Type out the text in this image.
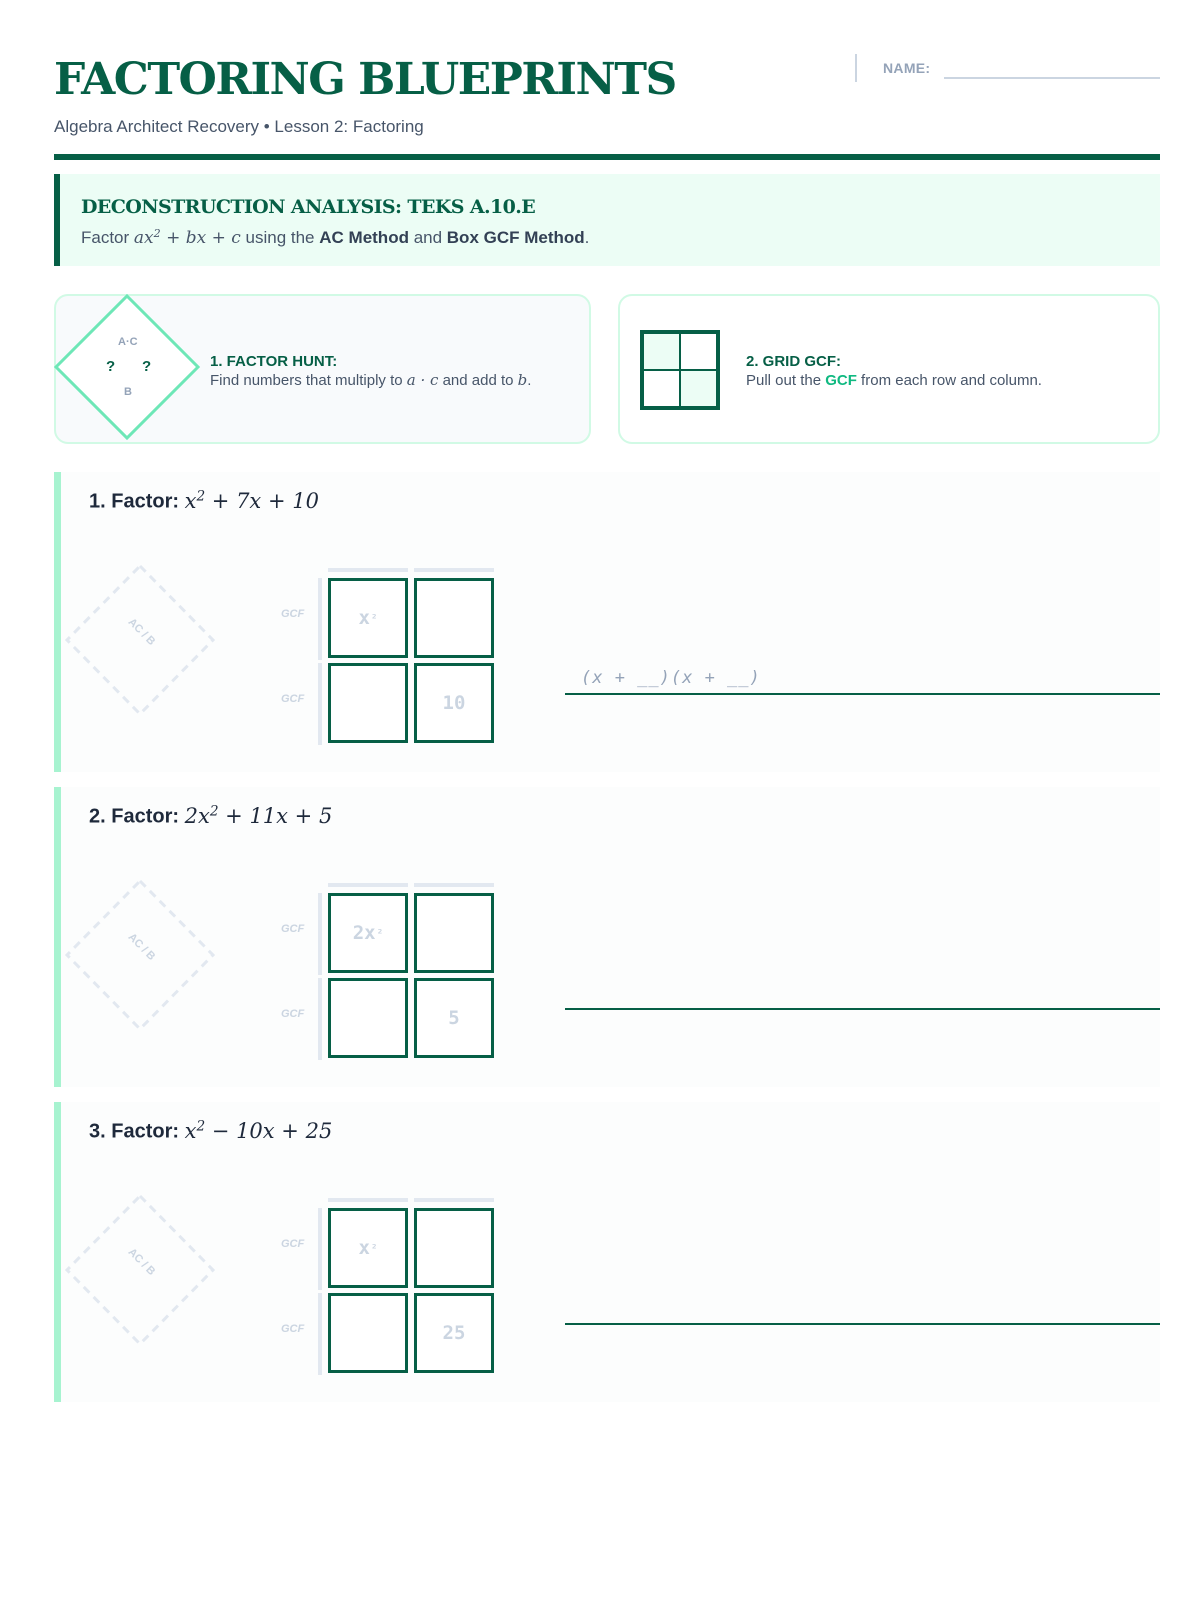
FACTORING BLUEPRINTS
Algebra Architect Recovery • Lesson 2: Factoring
NAME:
DECONSTRUCTION ANALYSIS: TEKS A.10.E
Factor $ax^2$ + bx + c using the AC Method and Box GCF Method.
A·C
? ?
B
1. FACTOR HUNT:
Find numbers that multiply to a · c and add to b.
2. GRID GCF:
Pull out the GCF from each row and column.
1. Factor: $x^2 + 7x + 10$
AC / B
GCF
GCF
x ²
10
(x + __)(x + __)
2. Factor: $2x^2 + 11x + 5$
AC / B
GCF
GCF
2x ²
5
3. Factor: $x^2 - 10x + 25$
AC / B
GCF
GCF
x ²
25
